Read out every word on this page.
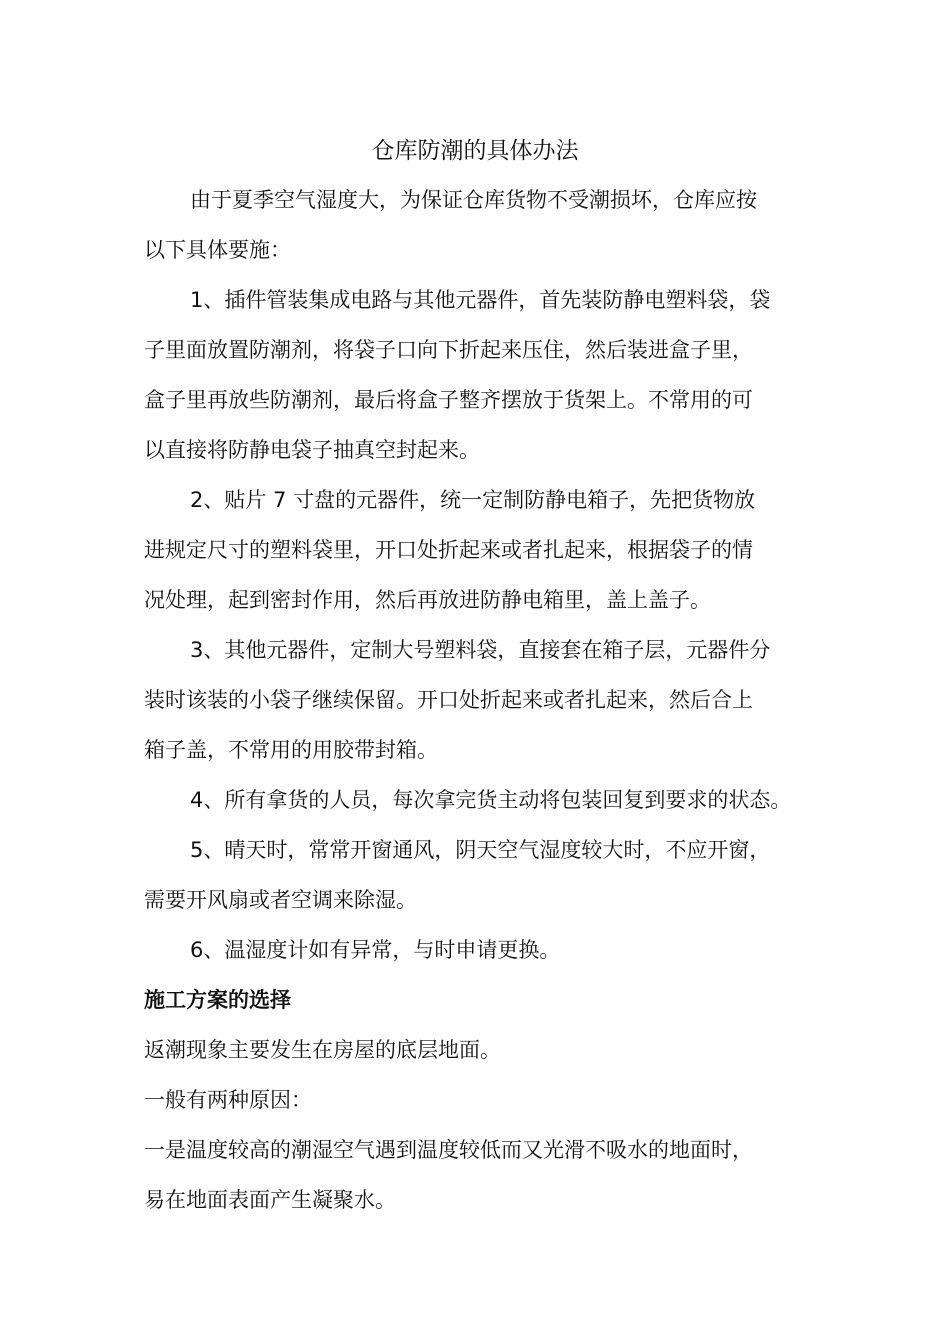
仓库防潮的具体办法
由于夏季空气湿度大，为保证仓库货物不受潮损坏，仓库应按
以下具体要施：
1、插件管装集成电路与其他元器件，首先装防静电塑料袋，袋
子里面放置防潮剂，将袋子口向下折起来压住，然后装进盒子里，
盒子里再放些防潮剂，最后将盒子整齐摆放于货架上。不常用的可
以直接将防静电袋子抽真空封起来。
2、贴片 7 寸盘的元器件，统一定制防静电箱子，先把货物放
进规定尺寸的塑料袋里，开口处折起来或者扎起来，根据袋子的情
况处理，起到密封作用，然后再放进防静电箱里，盖上盖子。
3、其他元器件，定制大号塑料袋，直接套在箱子层，元器件分
装时该装的小袋子继续保留。开口处折起来或者扎起来，然后合上
箱子盖，不常用的用胶带封箱。
4、所有拿货的人员，每次拿完货主动将包装回复到要求的状态。
5、晴天时，常常开窗通风，阴天空气湿度较大时，不应开窗，
需要开风扇或者空调来除湿。
6、温湿度计如有异常，与时申请更换。
施工方案的选择
返潮现象主要发生在房屋的底层地面。
一般有两种原因：
一是温度较高的潮湿空气遇到温度较低而又光滑不吸水的地面时，
易在地面表面产生凝聚水。
